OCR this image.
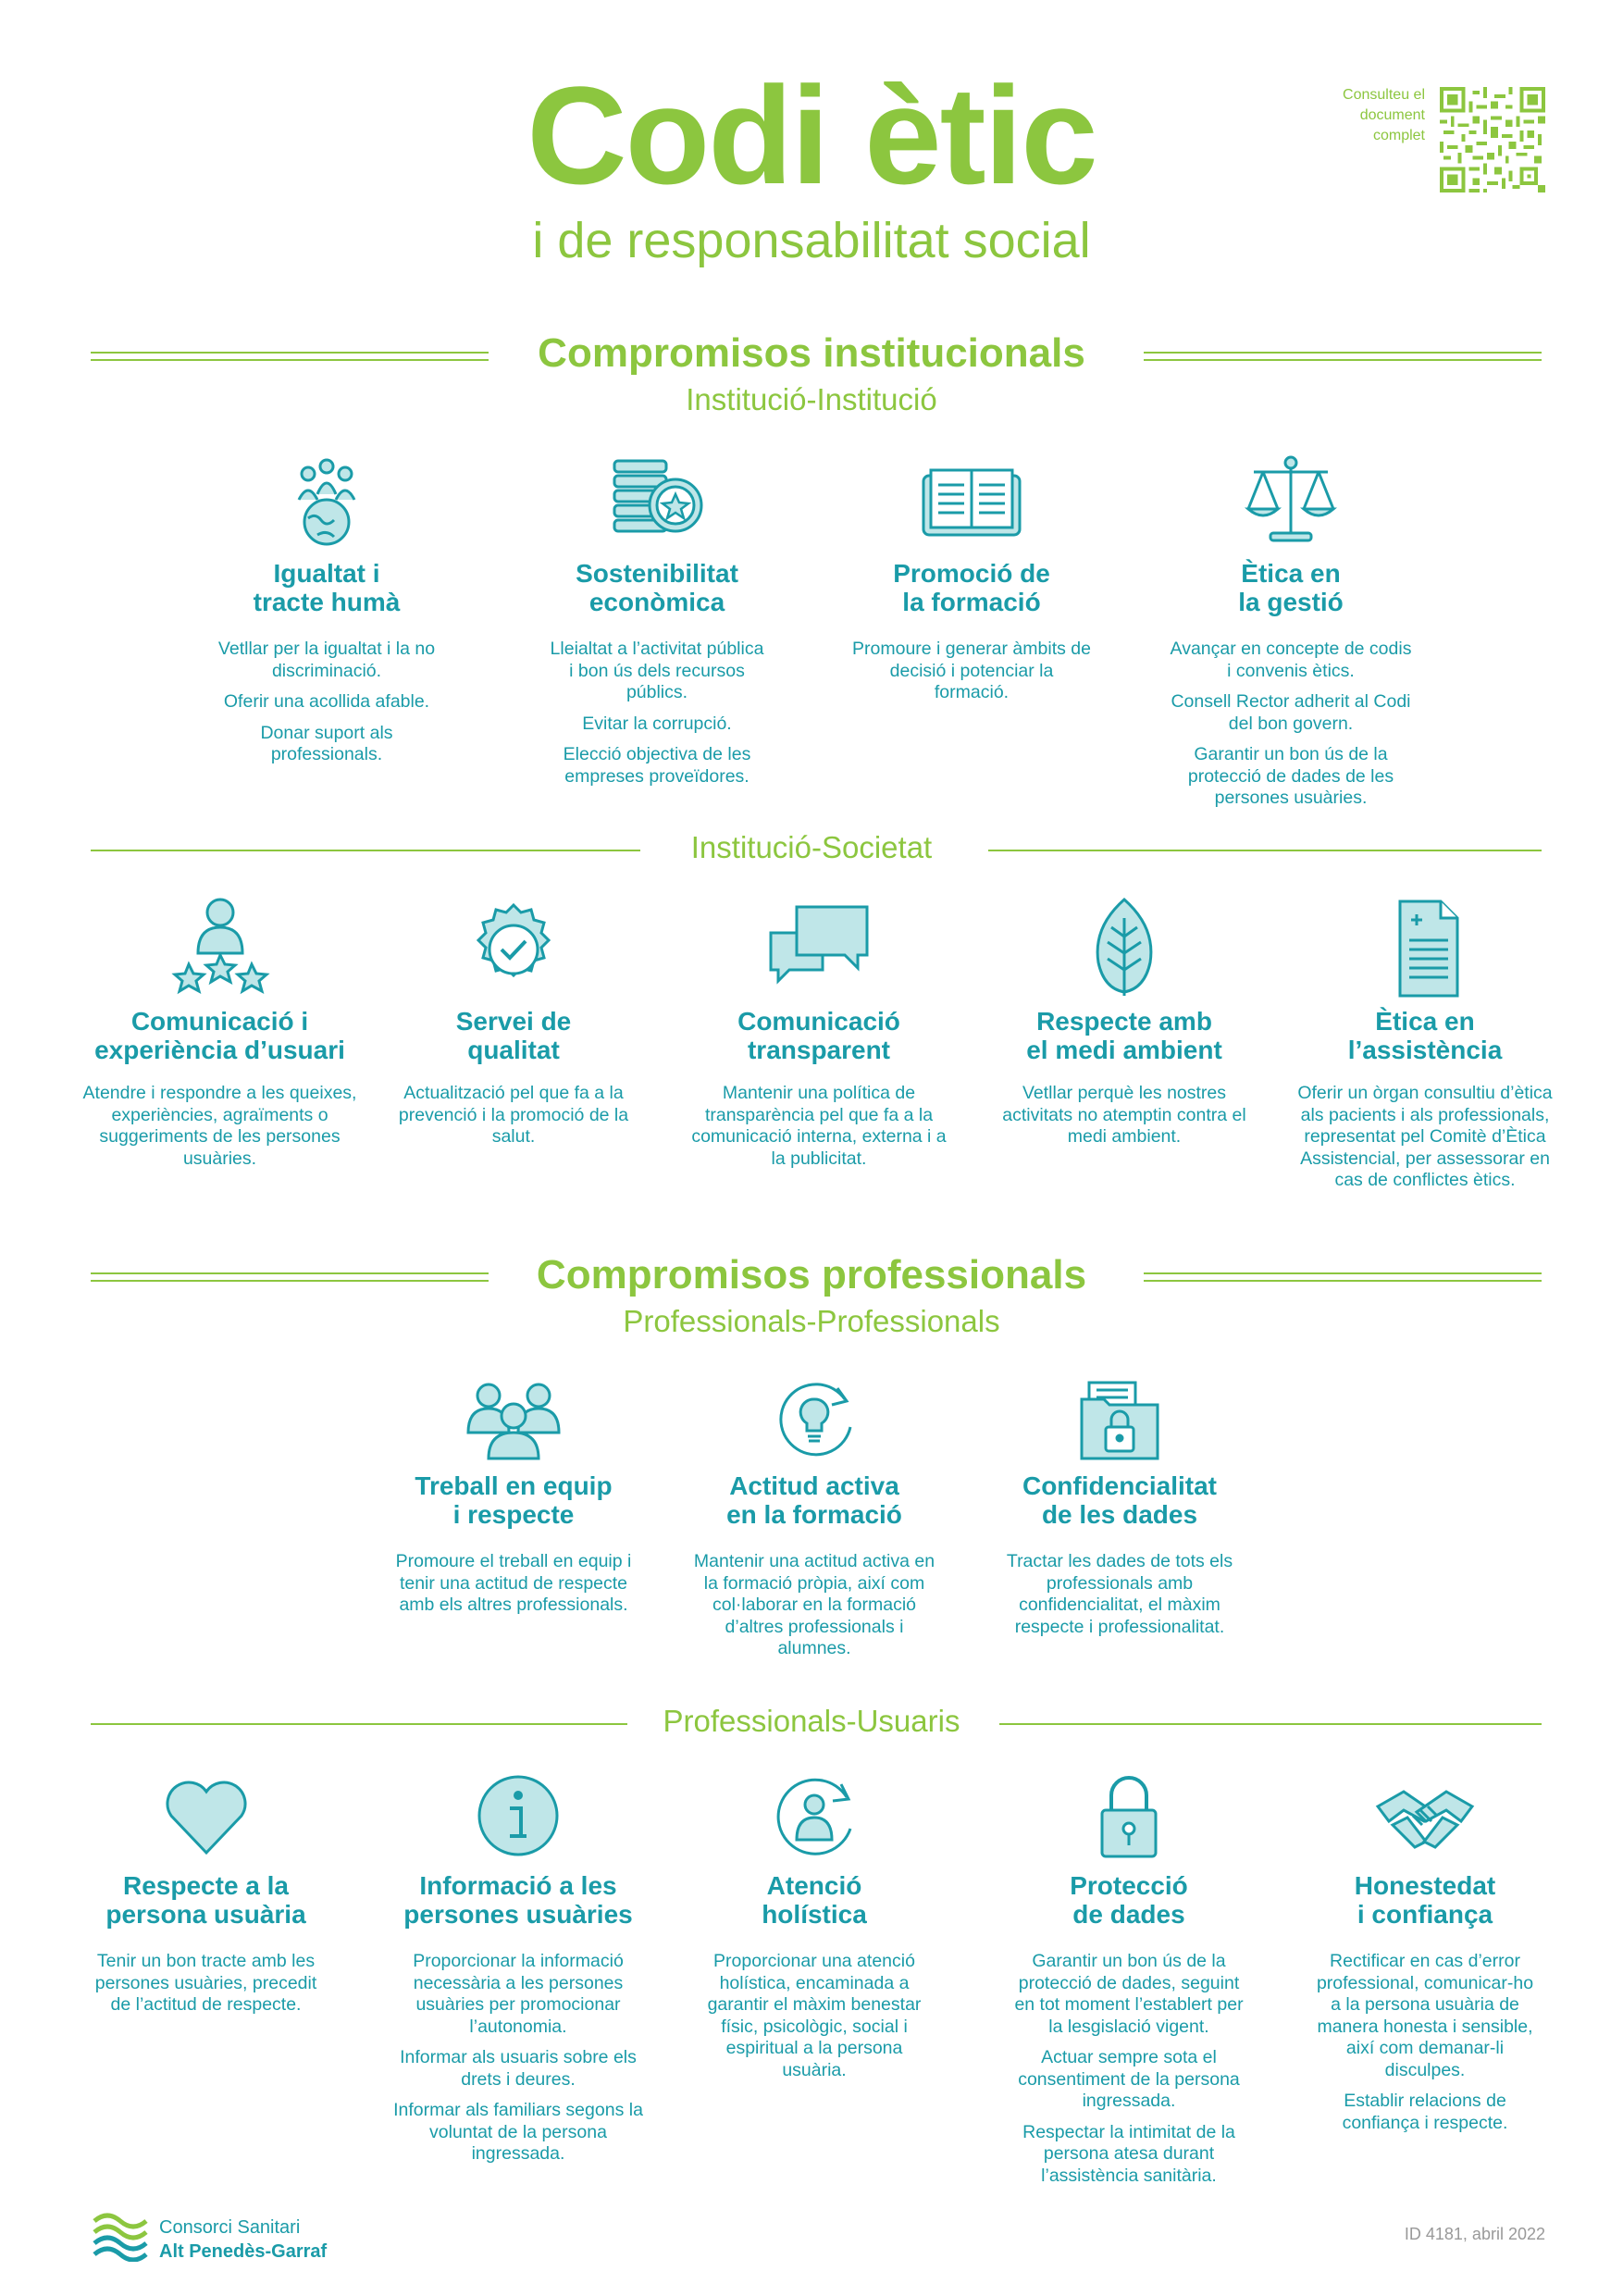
Codi ètic
i de responsabilitat social
Consulteu el
document
complet
Compromisos institucionals
Institució-Institució
Igualtat i
tracte humà

Vetllar per la igualtat i la no discriminació.

Oferir una acollida afable.

Donar suport als professionals.

Sostenibilitat
econòmica

Lleialtat a l’activitat pública i bon ús dels recursos públics.

Evitar la corrupció.

Elecció objectiva de les empreses proveïdores.

Promoció de
la formació

Promoure i generar àmbits de decisió i potenciar la formació.

Ètica en
la gestió

Avançar en concepte de codis i convenis ètics.

Consell Rector adherit al Codi del bon govern.

Garantir un bon ús de la protecció de dades de les persones usuàries.

Institució-Societat
Comunicació i
experiència d’usuari

Atendre i respondre a les queixes, experiències, agraïments o suggeriments de les persones usuàries.

Servei de
qualitat

Actualització pel que fa a la prevenció i la promoció de la salut.

Comunicació
transparent

Mantenir una política de transparència pel que fa a la comunicació interna, externa i a la publicitat.

Respecte amb
el medi ambient

Vetllar perquè les nostres activitats no atemptin contra el medi ambient.

Ètica en
l’assistència

Oferir un òrgan consultiu d’ètica als pacients i als professionals, representat pel Comitè d’Ètica Assistencial, per assessorar en cas de conflictes ètics.

Compromisos professionals
Professionals-Professionals
Treball en equip
i respecte

Promoure el treball en equip i tenir una actitud de respecte amb els altres professionals.

Actitud activa
en la formació

Mantenir una actitud activa en la formació pròpia, així com col·laborar en la formació d’altres professionals i alumnes.

Confidencialitat
de les dades

Tractar les dades de tots els professionals amb confidencialitat, el màxim respecte i professionalitat.

Professionals-Usuaris
Respecte a la
persona usuària

Tenir un bon tracte amb les persones usuàries, precedit de l’actitud de respecte.

Informació a les
persones usuàries

Proporcionar la informació necessària a les persones usuàries per promocionar l’autonomia.

Informar als usuaris sobre els drets i deures.

Informar als familiars segons la voluntat de la persona ingressada.

Atenció
holística

Proporcionar una atenció holística, encaminada a garantir el màxim benestar físic, psicològic, social i espiritual a la persona usuària.

Protecció
de dades

Garantir un bon ús de la protecció de dades, seguint en tot moment l’establert per la lesgislació vigent.

Actuar sempre sota el consentiment de la persona ingressada.

Respectar la intimitat de la persona atesa durant l’assistència sanitària.

Honestedat
i confiança

Rectificar en cas d’error professional, comunicar-ho a la persona usuària de manera honesta i sensible, així com demanar-li disculpes.

Establir relacions de confiança i respecte.

Consorci Sanitari
Alt Penedès-Garraf
ID 4181, abril 2022
